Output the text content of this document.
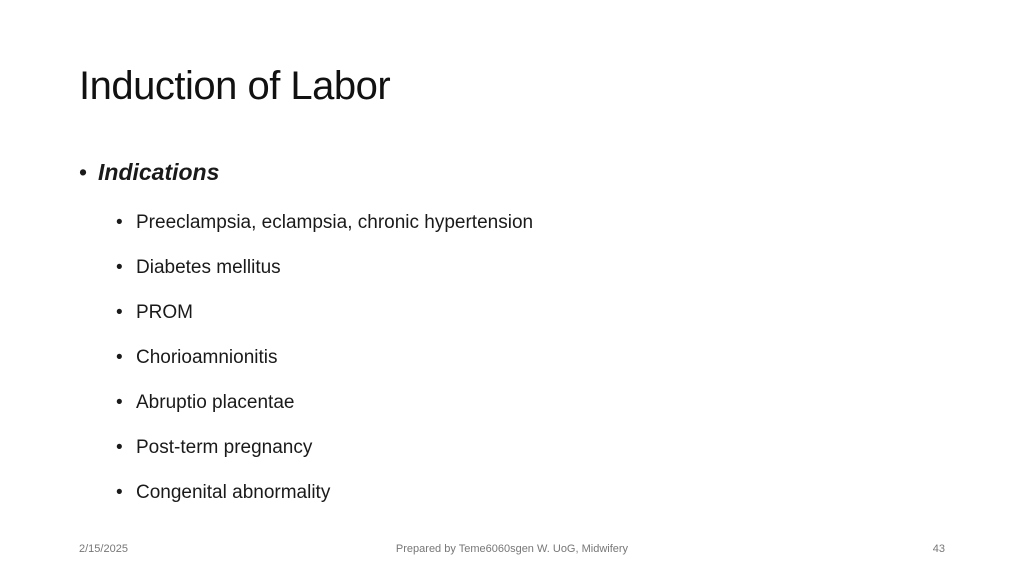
Induction of Labor
• Indications
• Preeclampsia, eclampsia, chronic hypertension
• Diabetes mellitus
• PROM
• Chorioamnionitis
• Abruptio placentae
• Post-term pregnancy
• Congenital abnormality
2/15/2025	Prepared by Teme6060sgen W. UoG, Midwifery	43
